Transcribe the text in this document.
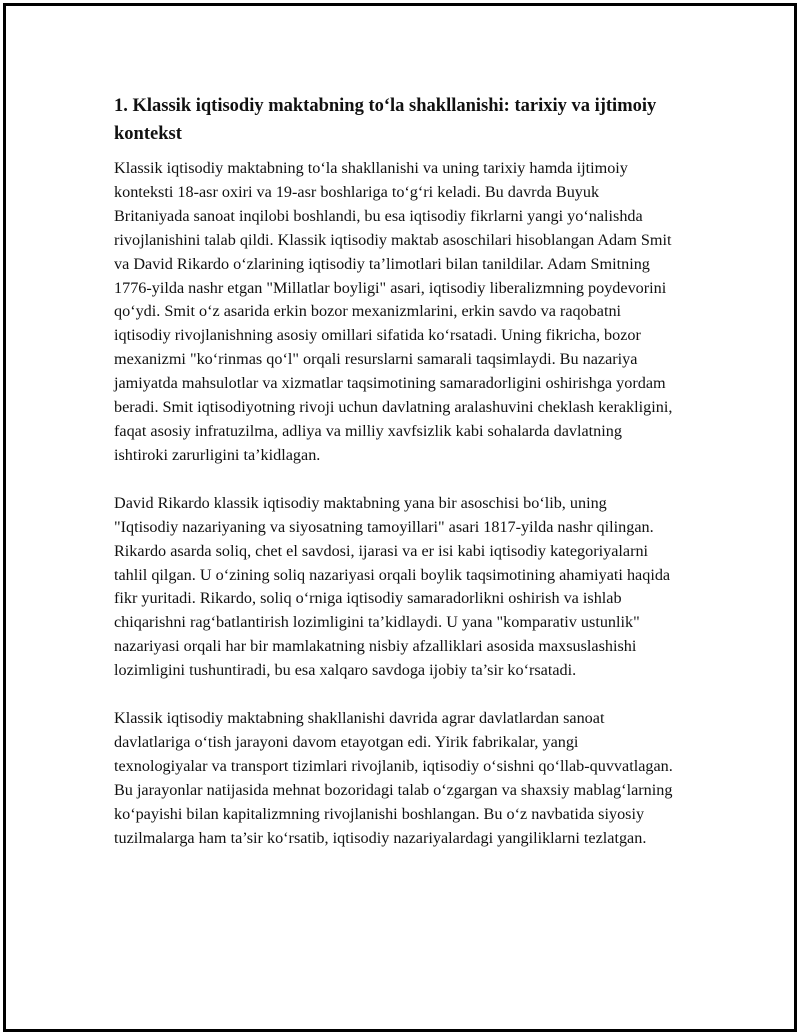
1. Klassik iqtisodiy maktabning to‘la shakllanishi: tarixiy va ijtimoiy kontekst

Klassik iqtisodiy maktabning to‘la shakllanishi va uning tarixiy hamda ijtimoiy konteksti 18-asr oxiri va 19-asr boshlariga to‘g‘ri keladi. Bu davrda Buyuk Britaniyada sanoat inqilobi boshlandi, bu esa iqtisodiy fikrlarni yangi yo‘nalishda rivojlanishini talab qildi. Klassik iqtisodiy maktab asoschilari hisoblangan Adam Smit va David Rikardo o‘zlarining iqtisodiy ta’limotlari bilan tanildilar. Adam Smitning 1776-yilda nashr etgan "Millatlar boyligi" asari, iqtisodiy liberalizmning poydevorini qo‘ydi. Smit o‘z asarida erkin bozor mexanizmlarini, erkin savdo va raqobatni iqtisodiy rivojlanishning asosiy omillari sifatida ko‘rsatadi. Uning fikricha, bozor mexanizmi "ko‘rinmas qo‘l" orqali resurslarni samarali taqsimlaydi. Bu nazariya jamiyatda mahsulotlar va xizmatlar taqsimotining samaradorligini oshirishga yordam beradi. Smit iqtisodiyotning rivoji uchun davlatning aralashuvini cheklash kerakligini, faqat asosiy infratuzilma, adliya va milliy xavfsizlik kabi sohalarda davlatning ishtiroki zarurligini ta’kidlagan.

David Rikardo klassik iqtisodiy maktabning yana bir asoschisi bo‘lib, uning "Iqtisodiy nazariyaning va siyosatning tamoyillari" asari 1817-yilda nashr qilingan. Rikardo asarda soliq, chet el savdosi, ijarasi va er isi kabi iqtisodiy kategoriyalarni tahlil qilgan. U o‘zining soliq nazariyasi orqali boylik taqsimotining ahamiyati haqida fikr yuritadi. Rikardo, soliq o‘rniga iqtisodiy samaradorlikni oshirish va ishlab chiqarishni rag‘batlantirish lozimligini ta’kidlaydi. U yana "komparativ ustunlik" nazariyasi orqali har bir mamlakatning nisbiy afzalliklari asosida maxsuslashishi lozimligini tushuntiradi, bu esa xalqaro savdoga ijobiy ta’sir ko‘rsatadi.

Klassik iqtisodiy maktabning shakllanishi davrida agrar davlatlardan sanoat davlatlariga o‘tish jarayoni davom etayotgan edi. Yirik fabrikalar, yangi texnologiyalar va transport tizimlari rivojlanib, iqtisodiy o‘sishni qo‘llab-quvvatlagan. Bu jarayonlar natijasida mehnat bozoridagi talab o‘zgargan va shaxsiy mablag‘larning ko‘payishi bilan kapitalizmning rivojlanishi boshlangan. Bu o‘z navbatida siyosiy tuzilmalarga ham ta’sir ko‘rsatib, iqtisodiy nazariyalardagi yangiliklarni tezlatgan.
